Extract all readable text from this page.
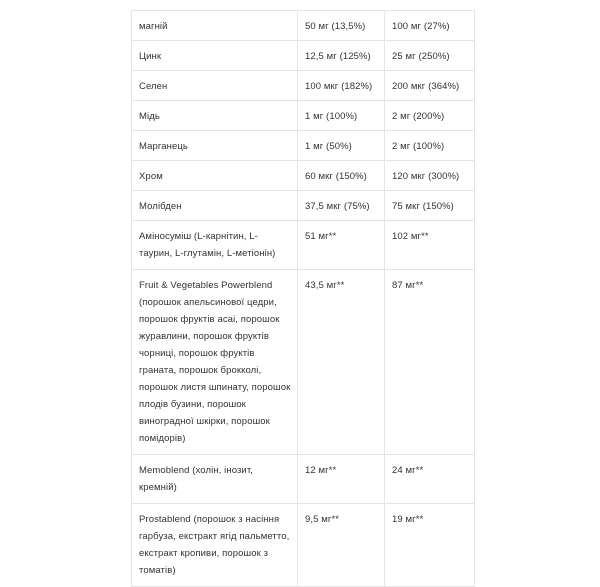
магній	50 мг (13,5%)	100 мг (27%)
Цинк	12,5 мг (125%)	25 мг (250%)
Селен	100 мкг (182%)	200 мкг (364%)
Мідь	1 мг (100%)	2 мг (200%)
Марганець	1 мг (50%)	2 мг (100%)
Хром	60 мкг (150%)	120 мкг (300%)
Молібден	37,5 мкг (75%)	75 мкг (150%)
Аміносуміш (L-карнітин, L-таурин, L-глутамін, L-метіонін)	51 мг**	102 мг**
Fruit & Vegetables Powerblend (порошок апельсинової цедри, порошок фруктів асаі, порошок журавлини, порошок фруктів чорниці, порошок фруктів граната, порошок брокколі, порошок листя шпинату, порошок плодів бузини, порошок виноградної шкірки, порошок помідорів)	43,5 мг**	87 мг**
Memoblend (холін, інозит, кремній)	12 мг**	24 мг**
Prostablend (порошок з насіння гарбуза, екстракт ягід пальметто, екстракт кропиви, порошок з томатів)	9,5 мг**	19 мг**
